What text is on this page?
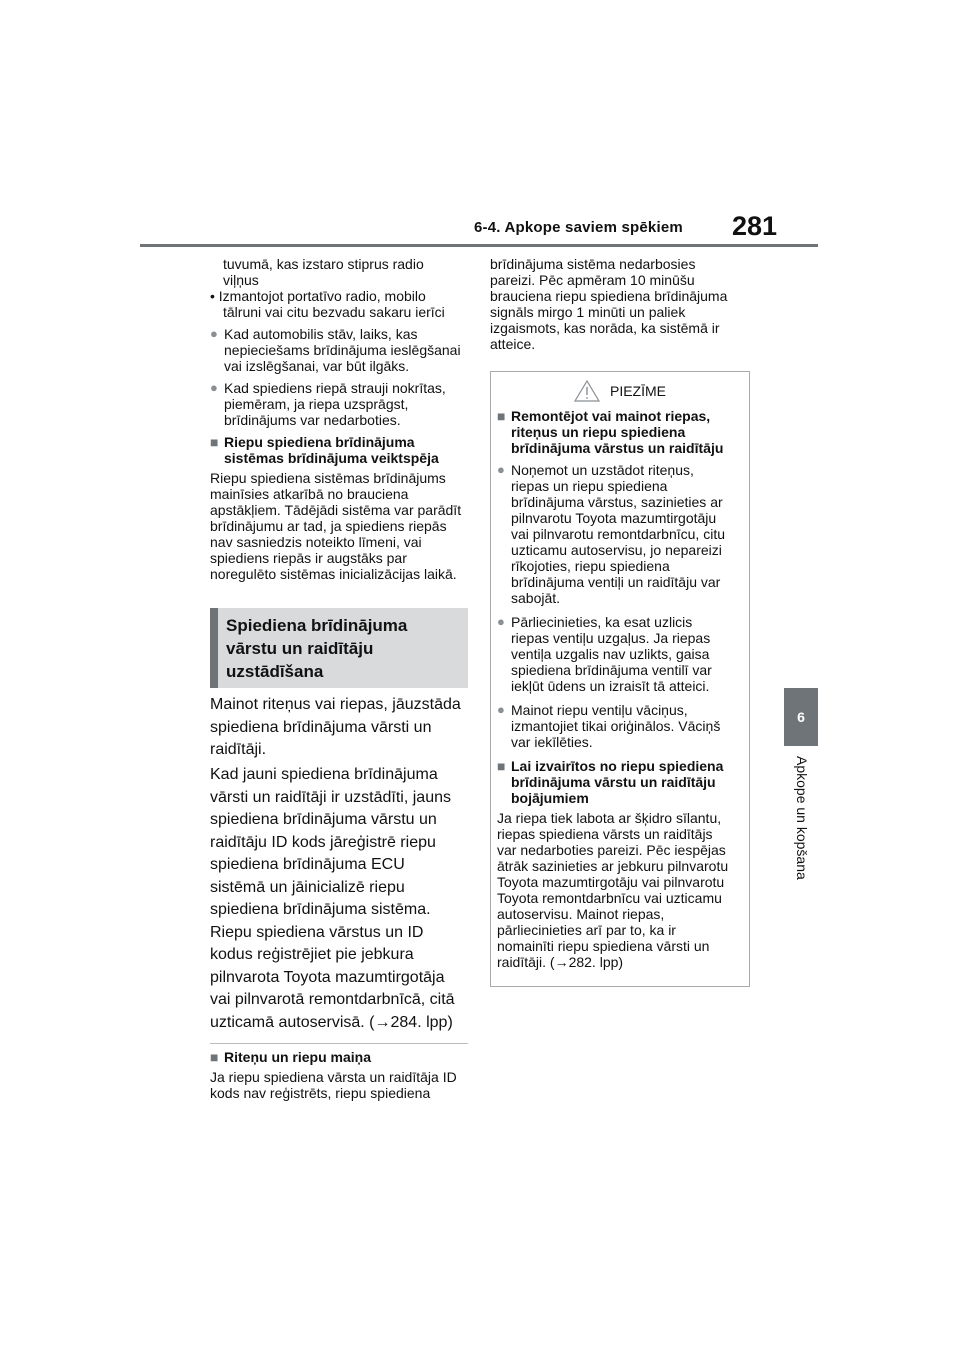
6-4. Apkope saviem spēkiem 281
6
Apkope un kopšana
tuvumā, kas izstaro stiprus radio
viļņus
• Izmantojot portatīvo radio, mobilo
tālruni vai citu bezvadu sakaru ierīci
● Kad automobilis stāv, laiks, kas
nepieciešams brīdinājuma ieslēgšanai
vai izslēgšanai, var būt ilgāks.
● Kad spiediens riepā strauji nokrītas,
piemēram, ja riepa uzsprāgst,
brīdinājums var nedarboties.
■ Riepu spiediena brīdinājuma
sistēmas brīdinājuma veiktspēja
Riepu spiediena sistēmas brīdinājums
mainīsies atkarībā no brauciena
apstākļiem. Tādējādi sistēma var parādīt
brīdinājumu ar tad, ja spiediens riepās
nav sasniedzis noteikto līmeni, vai
spiediens riepās ir augstāks par
noregulēto sistēmas inicializācijas laikā.
Spiediena brīdinājuma
vārstu un raidītāju
uzstādīšana
Mainot riteņus vai riepas, jāuzstāda
spiediena brīdinājuma vārsti un
raidītāji.
Kad jauni spiediena brīdinājuma
vārsti un raidītāji ir uzstādīti, jauns
spiediena brīdinājuma vārstu un
raidītāju ID kods jāreģistrē riepu
spiediena brīdinājuma ECU
sistēmā un jāinicializē riepu
spiediena brīdinājuma sistēma.
Riepu spiediena vārstus un ID
kodus reģistrējiet pie jebkura
pilnvarota Toyota mazumtirgotāja
vai pilnvarotā remontdarbnīcā, citā
uzticamā autoservisā. (→284. lpp)
■ Riteņu un riepu maiņa
Ja riepu spiediena vārsta un raidītāja ID
kods nav reģistrēts, riepu spiediena
brīdinājuma sistēma nedarbosies
pareizi. Pēc apmēram 10 minūšu
brauciena riepu spiediena brīdinājuma
signāls mirgo 1 minūti un paliek
izgaismots, kas norāda, ka sistēmā ir
atteice.
PIEZĪME
■ Remontējot vai mainot riepas,
riteņus un riepu spiediena
brīdinājuma vārstus un raidītāju
● Noņemot un uzstādot riteņus,
riepas un riepu spiediena
brīdinājuma vārstus, sazinieties ar
pilnvarotu Toyota mazumtirgotāju
vai pilnvarotu remontdarbnīcu, citu
uzticamu autoservisu, jo nepareizi
rīkojoties, riepu spiediena
brīdinājuma ventiļi un raidītāju var
sabojāt.
● Pārliecinieties, ka esat uzlicis
riepas ventiļu uzgaļus. Ja riepas
ventiļa uzgalis nav uzlikts, gaisa
spiediena brīdinājuma ventilī var
iekļūt ūdens un izraisīt tā atteici.
● Mainot riepu ventiļu vāciņus,
izmantojiet tikai oriģinālos. Vāciņš
var iekīlēties.
■ Lai izvairītos no riepu spiediena
brīdinājuma vārstu un raidītāju
bojājumiem
Ja riepa tiek labota ar šķidro sīlantu,
riepas spiediena vārsts un raidītājs
var nedarboties pareizi. Pēc iespējas
ātrāk sazinieties ar jebkuru pilnvarotu
Toyota mazumtirgotāju vai pilnvarotu
Toyota remontdarbnīcu vai uzticamu
autoservisu. Mainot riepas,
pārliecinieties arī par to, ka ir
nomainīti riepu spiediena vārsti un
raidītāji. (→282. lpp)
